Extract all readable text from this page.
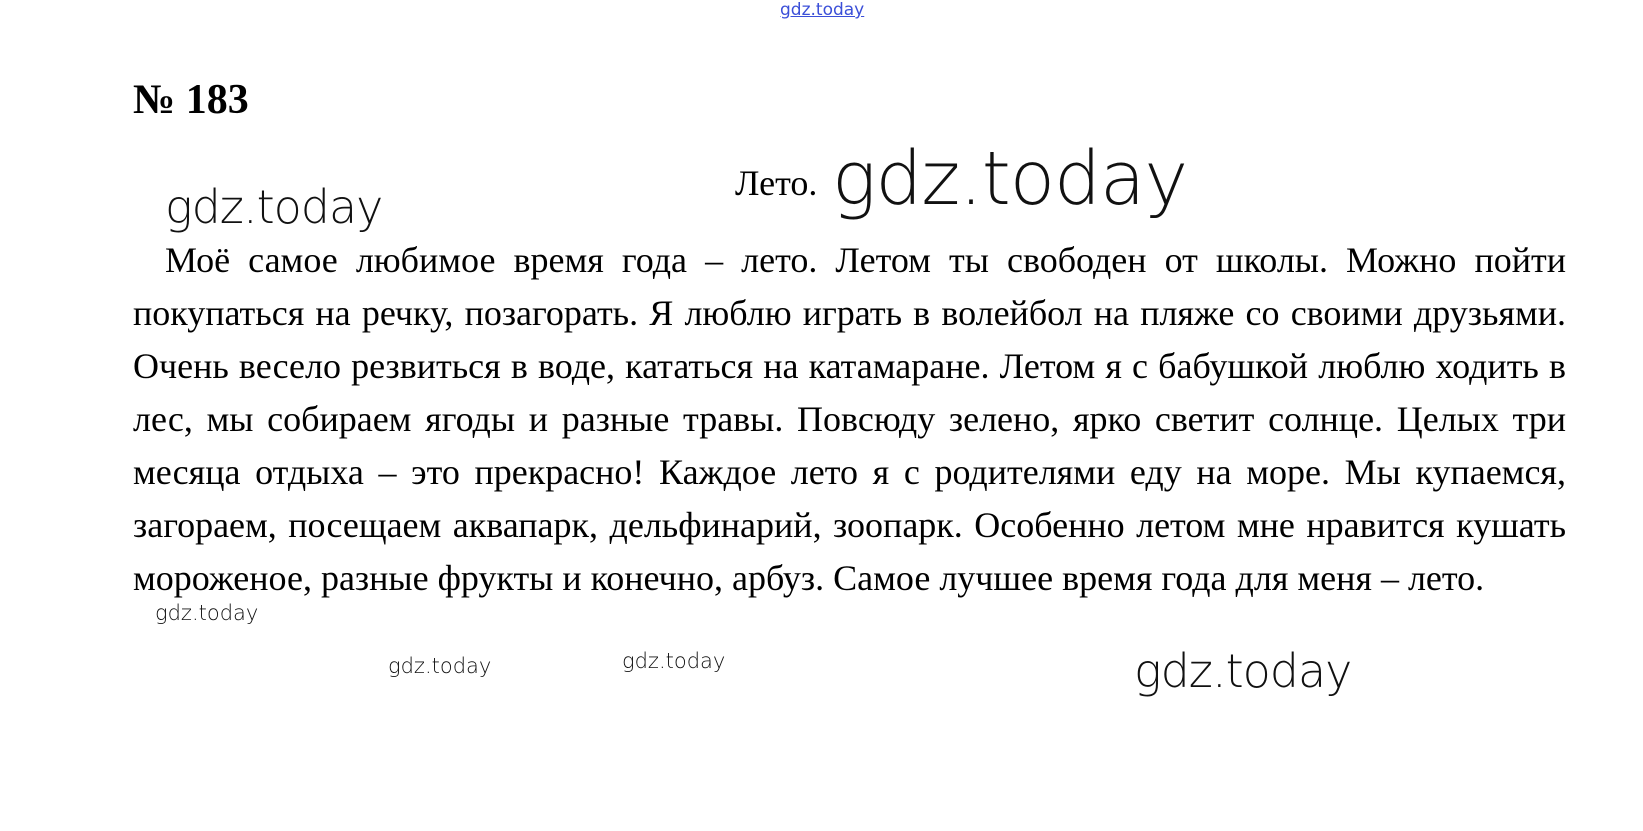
gdz.today
№ 183
Лето.

Моё самое любимое время года – лето. Летом ты свободен от школы. Можно пойти покупаться на речку, позагорать. Я люблю играть в волейбол на пляже со своими друзьями. Очень весело резвиться в воде, кататься на катамаране. Летом я с бабушкой люблю ходить в лес, мы собираем ягоды и разные травы. Повсюду зелено, ярко светит солнце. Целых три месяца отдыха – это прекрасно! Каждое лето я с родителями еду на море. Мы купаемся, загораем, посещаем аквапарк, дельфинарий, зоопарк. Особенно летом мне нравится кушать мороженое, разные фрукты и конечно, арбуз. Самое лучшее время года для меня – лето.

gdz.today
gdz.today
gdz.today
gdz.today
gdz.today	gdz.today
